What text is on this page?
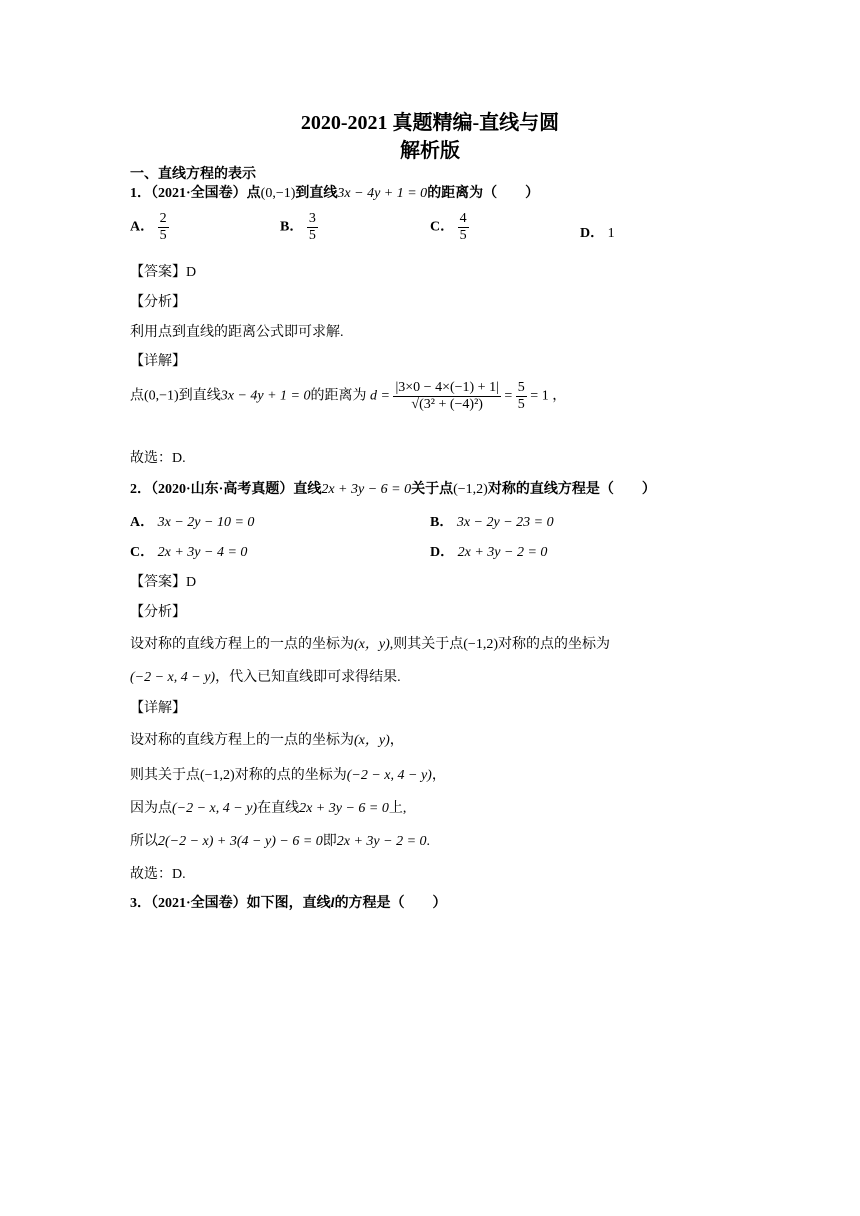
2020-2021 真题精编-直线与圆
解析版
一、直线方程的表示
1．（2021·全国卷）点(0,−1)到直线3x − 4y + 1 = 0的距离为（　　）
A． $\frac{2}{5}$	B． $\frac{3}{5}$	C． $\frac{4}{5}$	D． 1
【答案】D
【分析】
利用点到直线的距离公式即可求解.
【详解】
点(0,−1)到直线3x − 4y + 1 = 0的距离为 $d = \frac{|3\times 0 - 4\times(-1) + 1|}{\text{√(3² + (−4)²)}} = \frac{5}{5} = 1$ ，
故选：D.
2．（2020·山东·高考真题）直线2x + 3y − 6 = 0关于点(−1,2)对称的直线方程是（　　）
A． 3x − 2y − 10 = 0	B． 3x − 2y − 23 = 0
C． 2x + 3y − 4 = 0	D． 2x + 3y − 2 = 0
【答案】D
【分析】
设对称的直线方程上的一点的坐标为(x，y),则其关于点(−1,2)对称的点的坐标为
(−2 − x, 4 − y)，代入已知直线即可求得结果.
【详解】
设对称的直线方程上的一点的坐标为(x，y)，
则其关于点(−1,2)对称的点的坐标为(−2 − x, 4 − y)，
因为点(−2 − x, 4 − y)在直线2x + 3y − 6 = 0上,
所以2(−2 − x) + 3(4 − y) − 6 = 0即2x + 3y − 2 = 0.
故选：D.
3．（2021·全国卷）如下图，直线l的方程是（　　）
